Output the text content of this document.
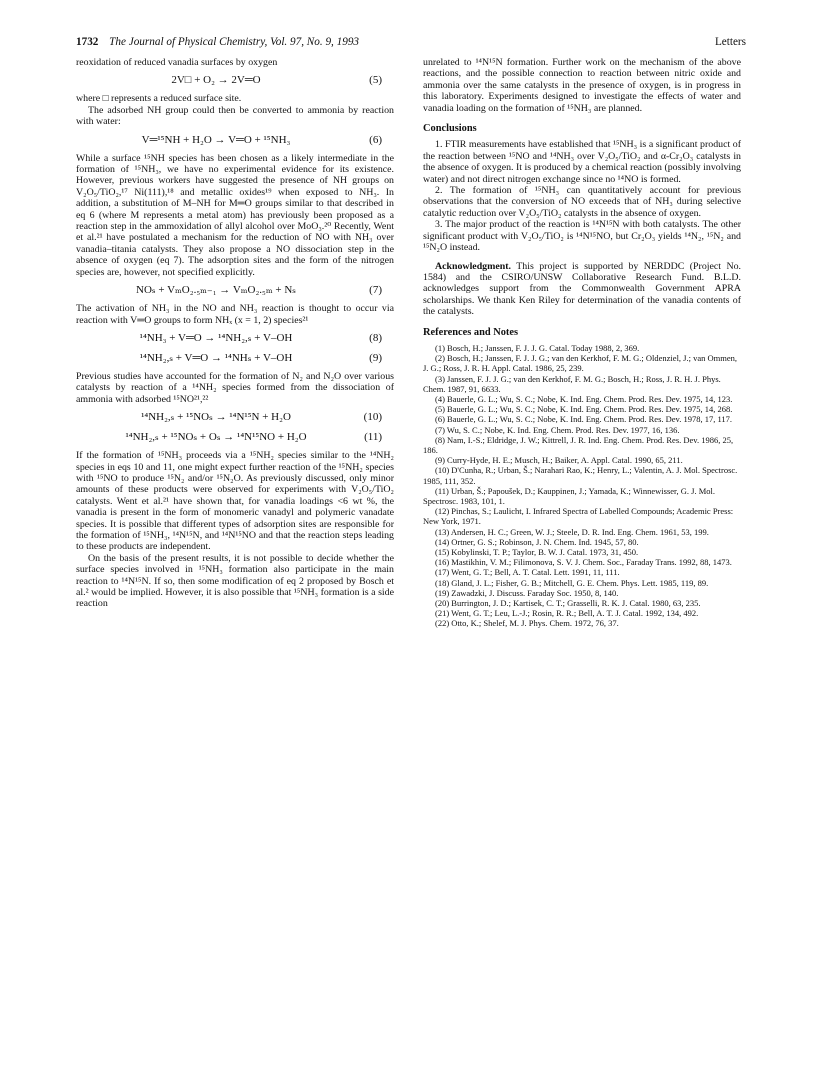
1732 The Journal of Physical Chemistry, Vol. 97, No. 9, 1993	Letters

reoxidation of reduced vanadia surfaces by oxygen

2V□ + O₂ → 2V═O	(5)

where □ represents a reduced surface site.

The adsorbed NH group could then be converted to ammonia by reaction with water:

V═¹⁵NH + H₂O → V═O + ¹⁵NH₃	(6)

While a surface ¹⁵NH species has been chosen as a likely intermediate in the formation of ¹⁵NH₃, we have no experimental evidence for its existence. However, previous workers have suggested the presence of NH groups on V₂O₅/TiO₂,¹⁷ Ni(111),¹⁸ and metallic oxides¹⁹ when exposed to NH₃. In addition, a substitution of M–NH for M═O groups similar to that described in eq 6 (where M represents a metal atom) has previously been proposed as a reaction step in the ammoxidation of allyl alcohol over MoO₃.²⁰ Recently, Went et al.²¹ have postulated a mechanism for the reduction of NO with NH₃ over vanadia–titania catalysts. They also propose a NO dissociation step in the absence of oxygen (eq 7). The adsorption sites and the form of the nitrogen species are, however, not specified explicitly.

NOₛ + VₘO₂.₅ₘ₋₁ → VₘO₂.₅ₘ + Nₛ	(7)

The activation of NH₃ in the NO and NH₃ reaction is thought to occur via reaction with V═O groups to form NHₓ (x = 1, 2) species²¹

¹⁴NH₃ + V═O → ¹⁴NH₂,ₛ + V–OH	(8)
¹⁴NH₂,ₛ + V═O → ¹⁴NHₛ + V–OH	(9)

Previous studies have accounted for the formation of N₂ and N₂O over various catalysts by reaction of a ¹⁴NH₂ species formed from the dissociation of ammonia with adsorbed ¹⁵NO²¹,²²

¹⁴NH₂,ₛ + ¹⁵NOₛ → ¹⁴N¹⁵N + H₂O	(10)
¹⁴NH₂,ₛ + ¹⁵NOₛ + Oₛ → ¹⁴N¹⁵NO + H₂O	(11)

If the formation of ¹⁵NH₃ proceeds via a ¹⁵NH₂ species similar to the ¹⁴NH₂ species in eqs 10 and 11, one might expect further reaction of the ¹⁵NH₂ species with ¹⁵NO to produce ¹⁵N₂ and/or ¹⁵N₂O. As previously discussed, only minor amounts of these products were observed for experiments with V₂O₅/TiO₂ catalysts. Went et al.²¹ have shown that, for vanadia loadings <6 wt %, the vanadia is present in the form of monomeric vanadyl and polymeric vanadate species. It is possible that different types of adsorption sites are responsible for the formation of ¹⁵NH₃, ¹⁴N¹⁵N, and ¹⁴N¹⁵NO and that the reaction steps leading to these products are independent.

On the basis of the present results, it is not possible to decide whether the surface species involved in ¹⁵NH₃ formation also participate in the main reaction to ¹⁴N¹⁵N. If so, then some modification of eq 2 proposed by Bosch et al.² would be implied. However, it is also possible that ¹⁵NH₃ formation is a side reaction

unrelated to ¹⁴N¹⁵N formation. Further work on the mechanism of the above reactions, and the possible connection to reaction between nitric oxide and ammonia over the same catalysts in the presence of oxygen, is in progress in this laboratory. Experiments designed to investigate the effects of water and vanadia loading on the formation of ¹⁵NH₃ are planned.

Conclusions

1. FTIR measurements have established that ¹⁵NH₃ is a significant product of the reaction between ¹⁵NO and ¹⁴NH₃ over V₂O₅/TiO₂ and α-Cr₂O₃ catalysts in the absence of oxygen. It is produced by a chemical reaction (possibly involving water) and not direct nitrogen exchange since no ¹⁴NO is formed.

2. The formation of ¹⁵NH₃ can quantitatively account for previous observations that the conversion of NO exceeds that of NH₃ during selective catalytic reduction over V₂O₅/TiO₂ catalysts in the absence of oxygen.

3. The major product of the reaction is ¹⁴N¹⁵N with both catalysts. The other significant product with V₂O₅/TiO₂ is ¹⁴N¹⁵NO, but Cr₂O₃ yields ¹⁴N₂, ¹⁵N₂ and ¹⁵N₂O instead.

Acknowledgment. This project is supported by NERDDC (Project No. 1584) and the CSIRO/UNSW Collaborative Research Fund. B.L.D. acknowledges support from the Commonwealth Government APRA scholarships. We thank Ken Riley for determination of the vanadia contents of the catalysts.

References and Notes
(1) Bosch, H.; Janssen, F. J. J. G. Catal. Today 1988, 2, 369.
(2) Bosch, H.; Janssen, F. J. J. G.; van den Kerkhof, F. M. G.; Oldenziel, J.; van Ommen, J. G.; Ross, J. R. H. Appl. Catal. 1986, 25, 239.
(3) Janssen, F. J. J. G.; van den Kerkhof, F. M. G.; Bosch, H.; Ross, J. R. H. J. Phys. Chem. 1987, 91, 6633.
(4) Bauerle, G. L.; Wu, S. C.; Nobe, K. Ind. Eng. Chem. Prod. Res. Dev. 1975, 14, 123.
(5) Bauerle, G. L.; Wu, S. C.; Nobe, K. Ind. Eng. Chem. Prod. Res. Dev. 1975, 14, 268.
(6) Bauerle, G. L.; Wu, S. C.; Nobe, K. Ind. Eng. Chem. Prod. Res. Dev. 1978, 17, 117.
(7) Wu, S. C.; Nobe, K. Ind. Eng. Chem. Prod. Res. Dev. 1977, 16, 136.
(8) Nam, I.-S.; Eldridge, J. W.; Kittrell, J. R. Ind. Eng. Chem. Prod. Res. Dev. 1986, 25, 186.
(9) Curry-Hyde, H. E.; Musch, H.; Baiker, A. Appl. Catal. 1990, 65, 211.
(10) D'Cunha, R.; Urban, Š.; Narahari Rao, K.; Henry, L.; Valentin, A. J. Mol. Spectrosc. 1985, 111, 352.
(11) Urban, Š.; Papoušek, D.; Kauppinen, J.; Yamada, K.; Winnewisser, G. J. Mol. Spectrosc. 1983, 101, 1.
(12) Pinchas, S.; Laulicht, I. Infrared Spectra of Labelled Compounds; Academic Press: New York, 1971.
(13) Andersen, H. C.; Green, W. J.; Steele, D. R. Ind. Eng. Chem. 1961, 53, 199.
(14) Ortner, G. S.; Robinson, J. N. Chem. Ind. 1945, 57, 80.
(15) Kobylinski, T. P.; Taylor, B. W. J. Catal. 1973, 31, 450.
(16) Mastikhin, V. M.; Filimonova, S. V. J. Chem. Soc., Faraday Trans. 1992, 88, 1473.
(17) Went, G. T.; Bell, A. T. Catal. Lett. 1991, 11, 111.
(18) Gland, J. L.; Fisher, G. B.; Mitchell, G. E. Chem. Phys. Lett. 1985, 119, 89.
(19) Zawadzki, J. Discuss. Faraday Soc. 1950, 8, 140.
(20) Burrington, J. D.; Kartisek, C. T.; Grasselli, R. K. J. Catal. 1980, 63, 235.
(21) Went, G. T.; Leu, L.-J.; Rosin, R. R.; Bell, A. T. J. Catal. 1992, 134, 492.
(22) Otto, K.; Shelef, M. J. Phys. Chem. 1972, 76, 37.
